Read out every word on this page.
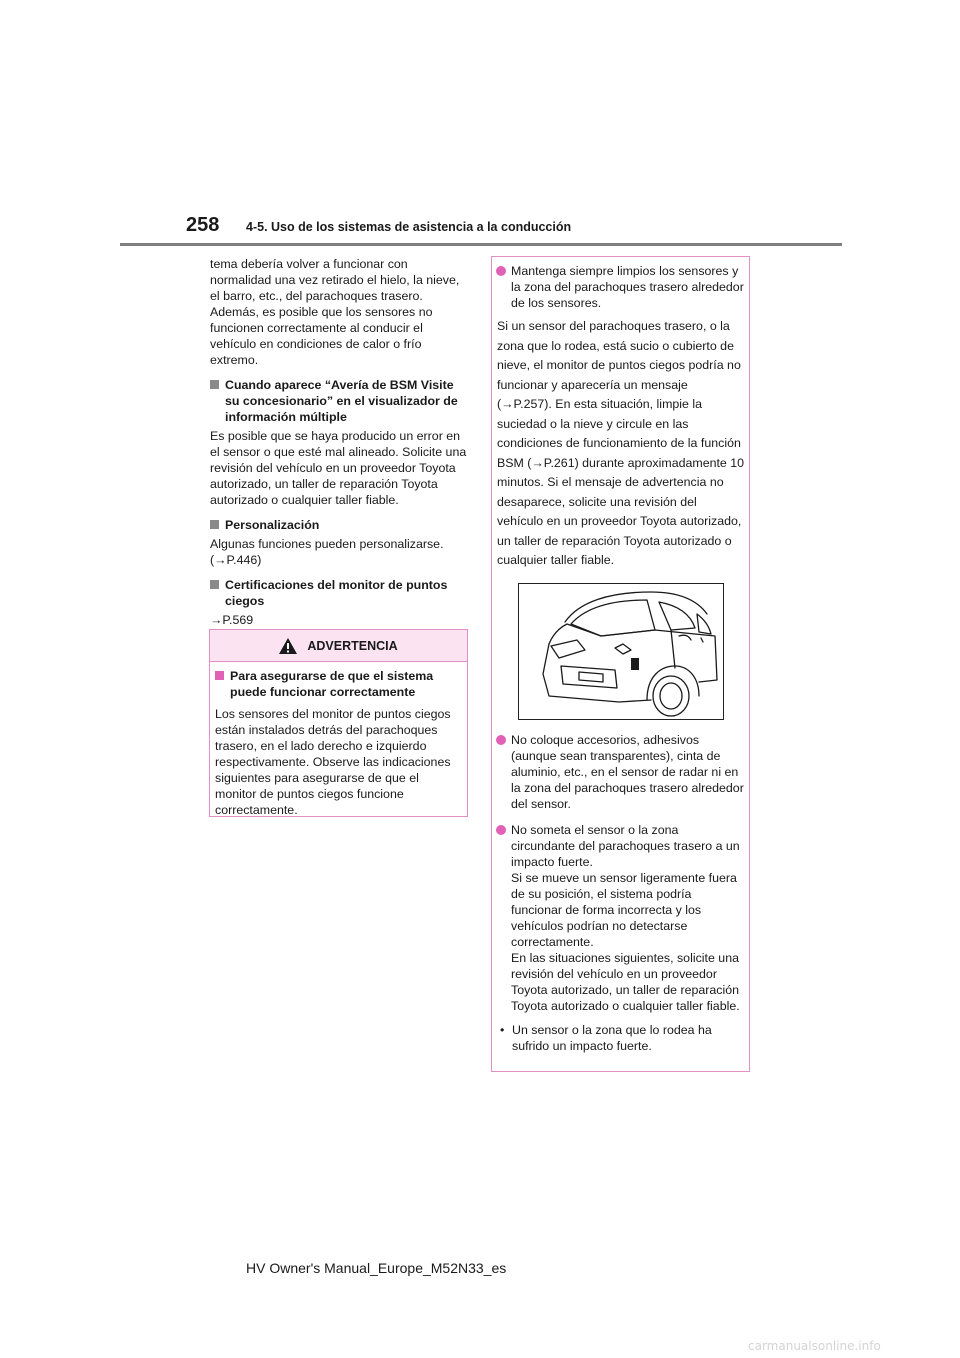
258 4-5. Uso de los sistemas de asistencia a la conducción

tema debería volver a funcionar con normalidad una vez retirado el hielo, la nieve, el barro, etc., del parachoques trasero. Además, es posible que los sensores no funcionen correctamente al conducir el vehículo en condiciones de calor o frío extremo.

Cuando aparece “Avería de BSM Visite su concesionario” en el visualizador de información múltiple

Es posible que se haya producido un error en el sensor o que esté mal alineado. Solicite una revisión del vehículo en un proveedor Toyota autorizado, un taller de reparación Toyota autorizado o cualquier taller fiable.

Personalización

Algunas funciones pueden personalizarse. (→P.446)

Certificaciones del monitor de puntos ciegos

→P.569

ADVERTENCIA
Para asegurarse de que el sistema puede funcionar correctamente
Los sensores del monitor de puntos ciegos están instalados detrás del parachoques trasero, en el lado derecho e izquierdo respectivamente. Observe las indicaciones siguientes para asegurarse de que el monitor de puntos ciegos funcione correctamente.
Mantenga siempre limpios los sensores y la zona del parachoques trasero alrededor de los sensores.
Si un sensor del parachoques trasero, o la zona que lo rodea, está sucio o cubierto de nieve, el monitor de puntos ciegos podría no funcionar y aparecería un mensaje (→P.257). En esta situación, limpie la suciedad o la nieve y circule en las condiciones de funcionamiento de la función BSM (→P.261) durante aproximadamente 10 minutos. Si el mensaje de advertencia no desaparece, solicite una revisión del vehículo en un proveedor Toyota autorizado, un taller de reparación Toyota autorizado o cualquier taller fiable.
No coloque accesorios, adhesivos (aunque sean transparentes), cinta de aluminio, etc., en el sensor de radar ni en la zona del parachoques trasero alrededor del sensor.
No someta el sensor o la zona circundante del parachoques trasero a un impacto fuerte.
Si se mueve un sensor ligeramente fuera de su posición, el sistema podría funcionar de forma incorrecta y los vehículos podrían no detectarse correctamente.
En las situaciones siguientes, solicite una revisión del vehículo en un proveedor Toyota autorizado, un taller de reparación Toyota autorizado o cualquier taller fiable.
• Un sensor o la zona que lo rodea ha sufrido un impacto fuerte.
HV Owner's Manual_Europe_M52N33_es
carmanualsonline.info
